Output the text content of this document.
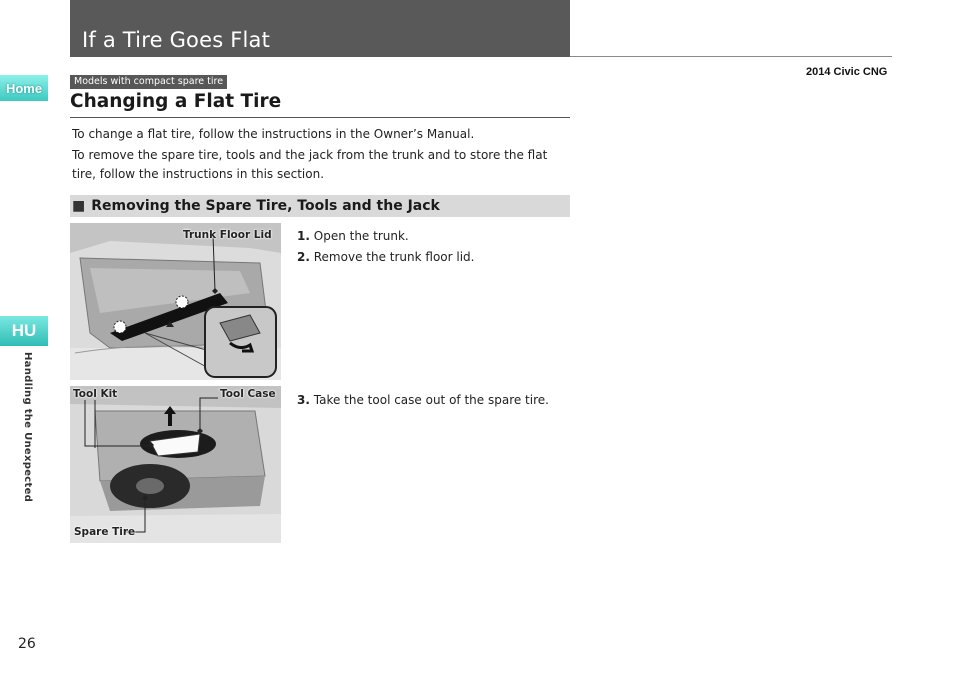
If a Tire Goes Flat
2014 Civic CNG
Home
HU
Handling the Unexpected
Models with compact spare tire
Changing a Flat Tire
To change a flat tire, follow the instructions in the Owner’s Manual.
To remove the spare tire, tools and the jack from the trunk and to store the flat tire, follow the instructions in this section.
■ Removing the Spare Tire, Tools and the Jack
Trunk Floor Lid
Tool Kit	Tool Case
Spare Tire
1. Open the trunk.
2. Remove the trunk floor lid.
3. Take the tool case out of the spare tire.
26
